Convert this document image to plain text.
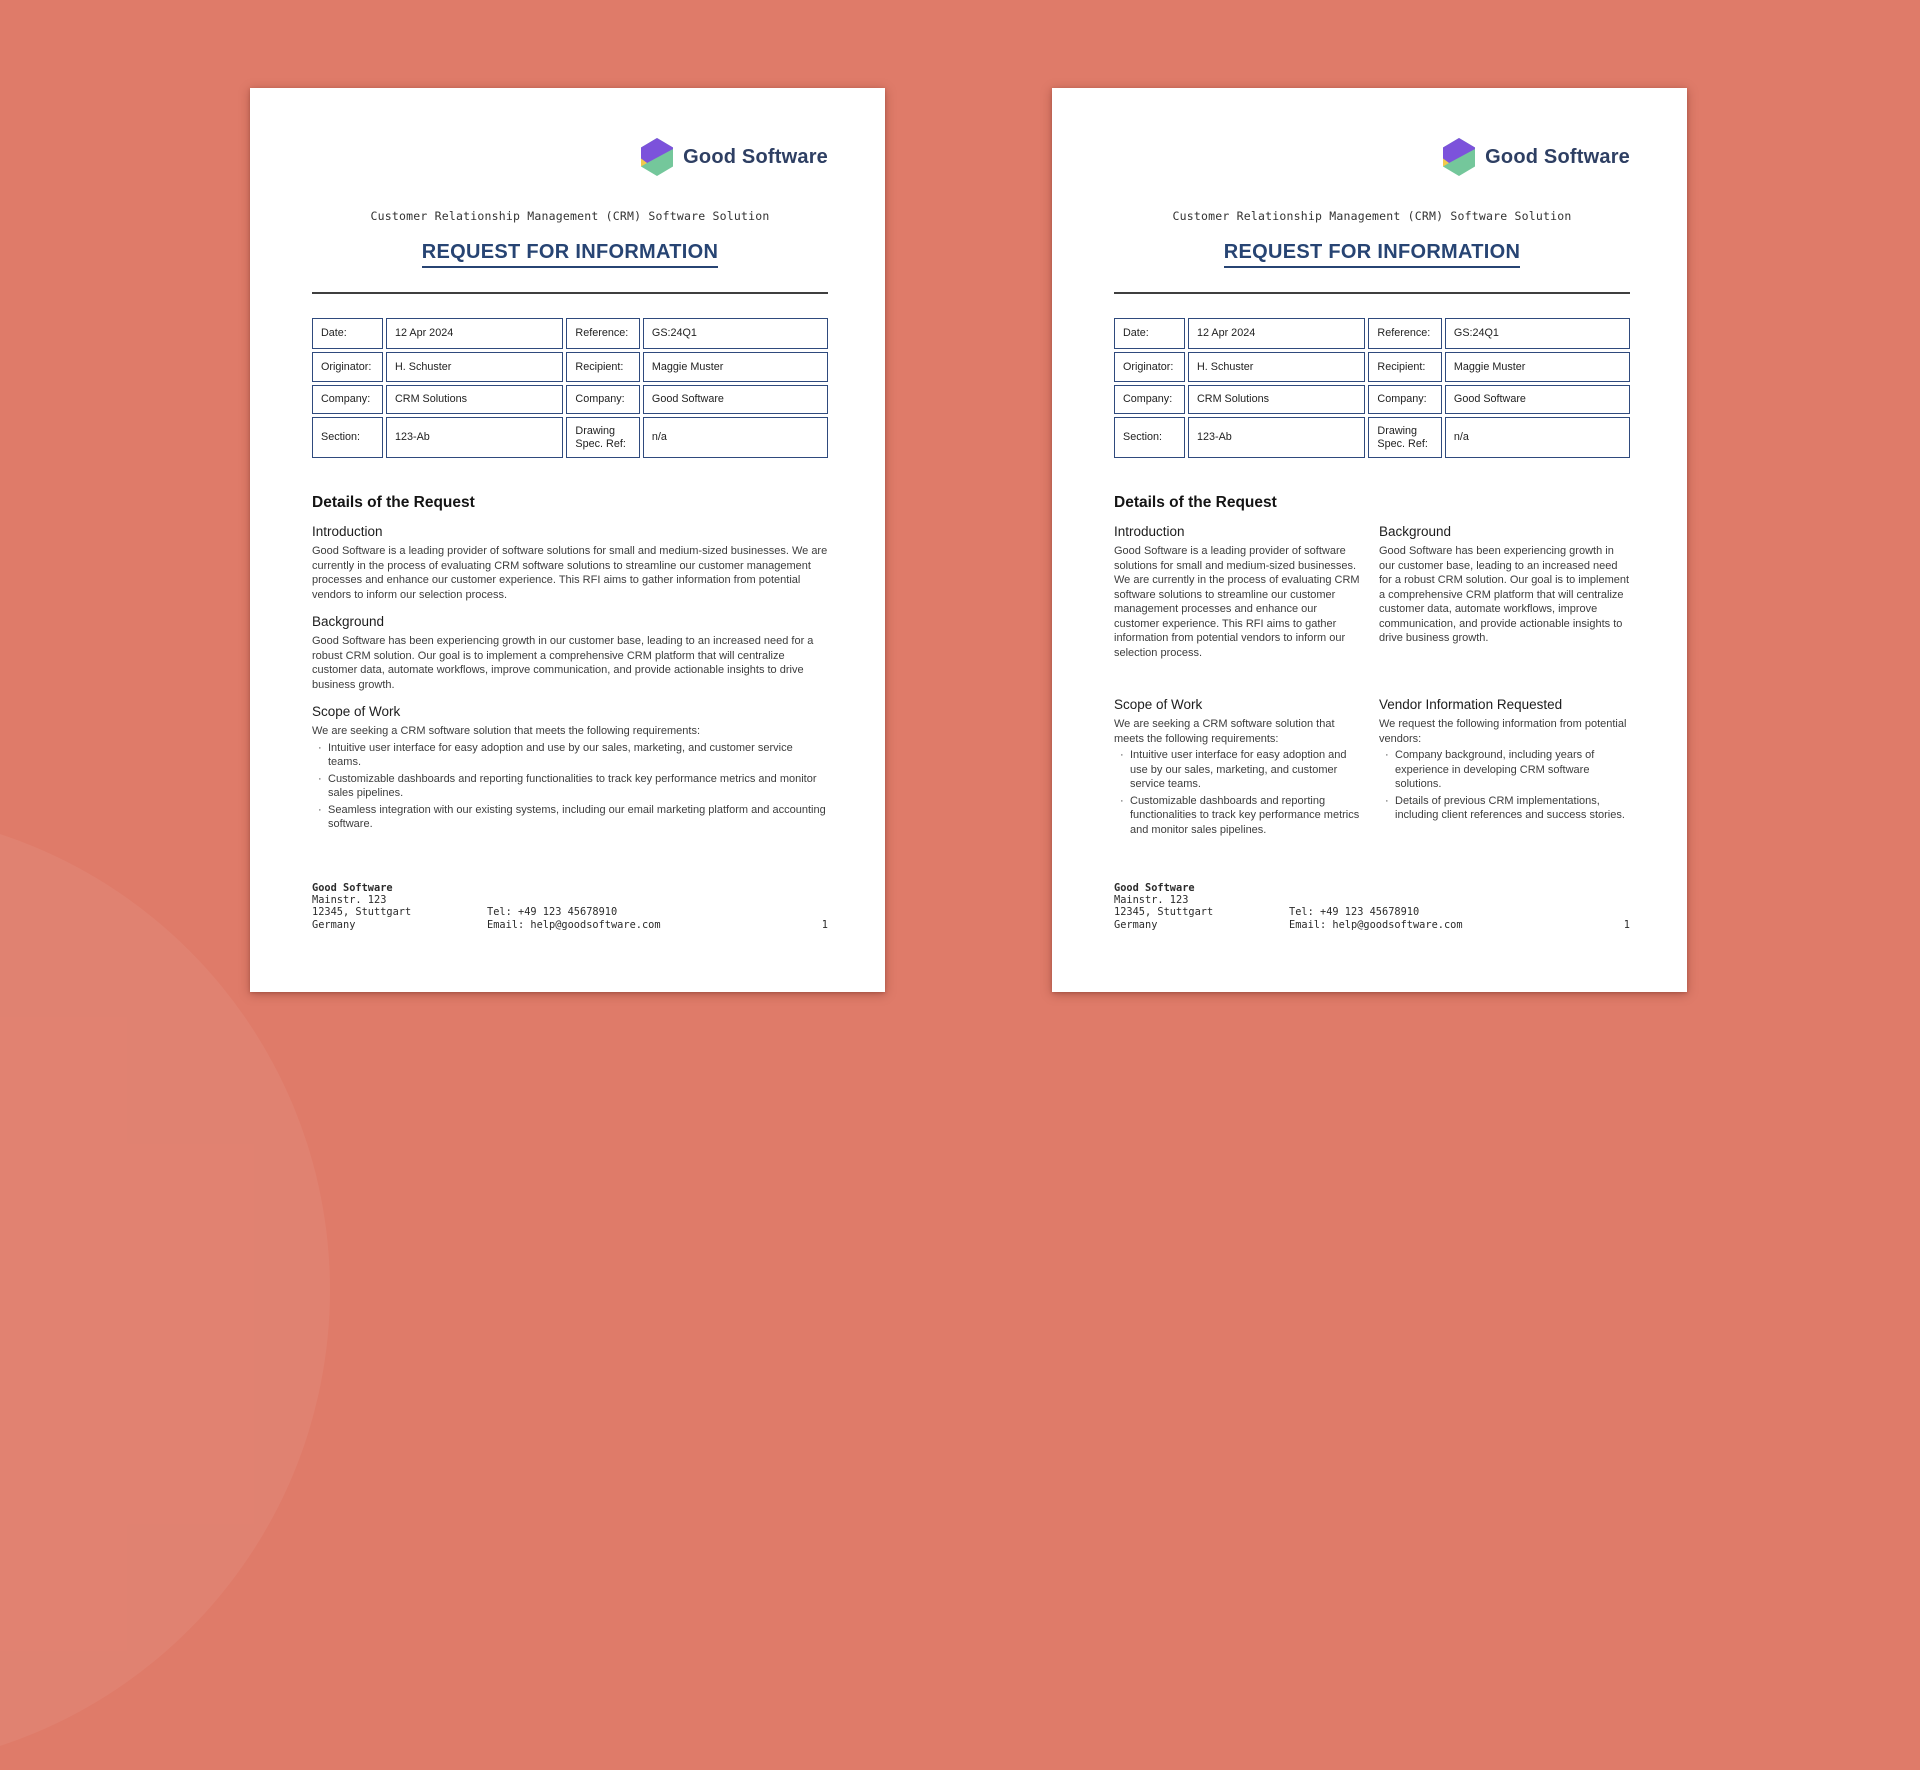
Good Software
Customer Relationship Management (CRM) Software Solution
REQUEST FOR INFORMATION
Date:	12 Apr 2024	Reference:	GS:24Q1
Originator:	H. Schuster	Recipient:	Maggie Muster
Company:	CRM Solutions	Company:	Good Software
Section:	123-Ab	Drawing Spec. Ref:	n/a
Details of the Request
Introduction

Good Software is a leading provider of software solutions for small and medium-sized businesses. We are currently in the process of evaluating CRM software solutions to streamline our customer management processes and enhance our customer experience. This RFI aims to gather information from potential vendors to inform our selection process.

Background

Good Software has been experiencing growth in our customer base, leading to an increased need for a robust CRM solution. Our goal is to implement a comprehensive CRM platform that will centralize customer data, automate workflows, improve communication, and provide actionable insights to drive business growth.

Scope of Work

We are seeking a CRM software solution that meets the following requirements:

· Intuitive user interface for easy adoption and use by our sales, marketing, and customer service teams.
· Customizable dashboards and reporting functionalities to track key performance metrics and monitor sales pipelines.
· Seamless integration with our existing systems, including our email marketing platform and accounting software.
Good Software
Mainstr. 123
12345, Stuttgart
Germany
Tel: +49 123 45678910
Email: help@goodsoftware.com	1
Good Software
Customer Relationship Management (CRM) Software Solution
REQUEST FOR INFORMATION
Date:	12 Apr 2024	Reference:	GS:24Q1
Originator:	H. Schuster	Recipient:	Maggie Muster
Company:	CRM Solutions	Company:	Good Software
Section:	123-Ab	Drawing Spec. Ref:	n/a
Details of the Request
Introduction

Good Software is a leading provider of software solutions for small and medium-sized businesses. We are currently in the process of evaluating CRM software solutions to streamline our customer management processes and enhance our customer experience. This RFI aims to gather information from potential vendors to inform our selection process.

Background

Good Software has been experiencing growth in our customer base, leading to an increased need for a robust CRM solution. Our goal is to implement a comprehensive CRM platform that will centralize customer data, automate workflows, improve communication, and provide actionable insights to drive business growth.

Scope of Work

We are seeking a CRM software solution that meets the following requirements:

· Intuitive user interface for easy adoption and use by our sales, marketing, and customer service teams.
· Customizable dashboards and reporting functionalities to track key performance metrics and monitor sales pipelines.
Vendor Information Requested

We request the following information from potential vendors:

· Company background, including years of experience in developing CRM software solutions.
· Details of previous CRM implementations, including client references and success stories.
Good Software
Mainstr. 123
12345, Stuttgart
Germany
Tel: +49 123 45678910
Email: help@goodsoftware.com	1
